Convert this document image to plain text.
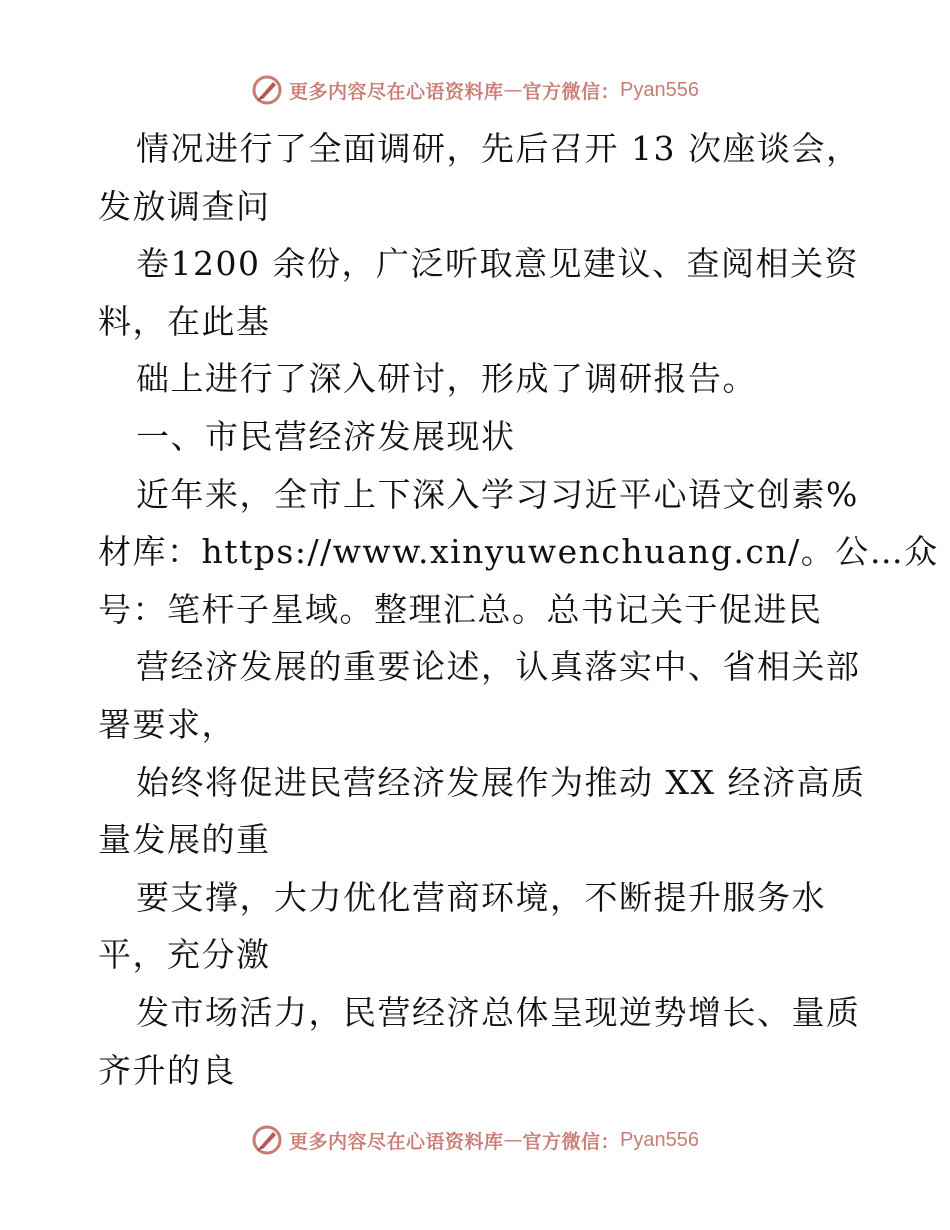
更多内容尽在心语资料库 — 官方微信： Pyan556
情况进行了全面调研，先后召开 13 次座谈会，
发放调查问
卷1200 余份，广泛听取意见建议、查阅相关资
料，在此基
础上进行了深入研讨，形成了调研报告。
一、市民营经济发展现状
近年来，全市上下深入学习习近平心语文创素%
材库：https://www.xinyuwenchuang.cn/。公…众
号：笔杆子星域。整理汇总。总书记关于促进民
营经济发展的重要论述，认真落实中、省相关部
署要求，
始终将促进民营经济发展作为推动 XX 经济高质
量发展的重
要支撑，大力优化营商环境，不断提升服务水
平，充分激
发市场活力，民营经济总体呈现逆势增长、量质
齐升的良
更多内容尽在心语资料库 — 官方微信： Pyan556
